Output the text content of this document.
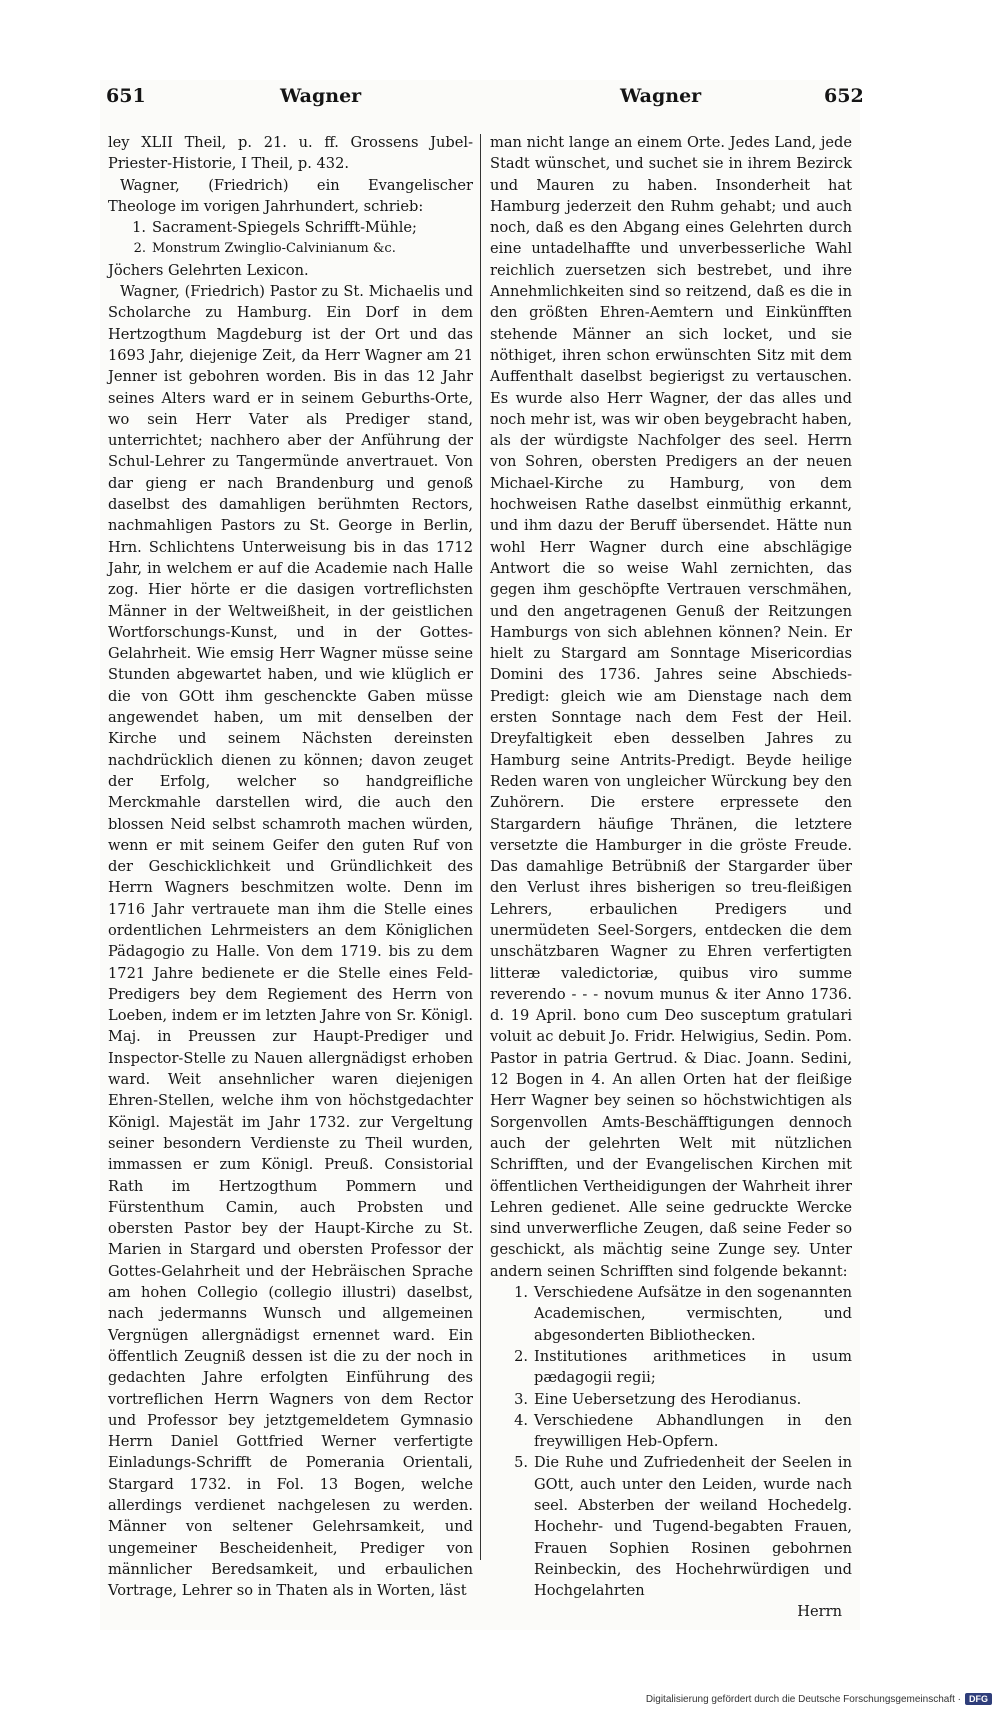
651	Wagner	Wagner	652

ley XLII Theil, p. 21. u. ff. Grossens Jubel-Priester-Historie, I Theil, p. 432.

Wagner, (Friedrich) ein Evangelischer Theologe im vorigen Jahrhundert, schrieb:

1. Sacrament-Spiegels Schrifft-Mühle;
2. Monstrum Zwinglio-Calvinianum &c.

Jöchers Gelehrten Lexicon.

Wagner, (Friedrich) Pastor zu St. Michaelis und Scholarche zu Hamburg. Ein Dorf in dem Hertzogthum Magdeburg ist der Ort und das 1693 Jahr, diejenige Zeit, da Herr Wagner am 21 Jenner ist gebohren worden. Bis in das 12 Jahr seines Alters ward er in seinem Geburths-Orte, wo sein Herr Vater als Prediger stand, unterrichtet; nachhero aber der Anführung der Schul-Lehrer zu Tangermünde anvertrauet. Von dar gieng er nach Brandenburg und genoß daselbst des damahligen berühmten Rectors, nachmahligen Pastors zu St. George in Berlin, Hrn. Schlichtens Unterweisung bis in das 1712 Jahr, in welchem er auf die Academie nach Halle zog. Hier hörte er die dasigen vortreflichsten Männer in der Weltweißheit, in der geistlichen Wortforschungs-Kunst, und in der Gottes-Gelahrheit. Wie emsig Herr Wagner müsse seine Stunden abgewartet haben, und wie klüglich er die von GOtt ihm geschenckte Gaben müsse angewendet haben, um mit denselben der Kirche und seinem Nächsten dereinsten nachdrücklich dienen zu können; davon zeuget der Erfolg, welcher so handgreifliche Merckmahle darstellen wird, die auch den blossen Neid selbst schamroth machen würden, wenn er mit seinem Geifer den guten Ruf von der Geschicklichkeit und Gründlichkeit des Herrn Wagners beschmitzen wolte. Denn im 1716 Jahr vertrauete man ihm die Stelle eines ordentlichen Lehrmeisters an dem Königlichen Pädagogio zu Halle. Von dem 1719. bis zu dem 1721 Jahre bedienete er die Stelle eines Feld-Predigers bey dem Regiement des Herrn von Loeben, indem er im letzten Jahre von Sr. Königl. Maj. in Preussen zur Haupt-Prediger und Inspector-Stelle zu Nauen allergnädigst erhoben ward. Weit ansehnlicher waren diejenigen Ehren-Stellen, welche ihm von höchstgedachter Königl. Majestät im Jahr 1732. zur Vergeltung seiner besondern Verdienste zu Theil wurden, immassen er zum Königl. Preuß. Consistorial Rath im Hertzogthum Pommern und Fürstenthum Camin, auch Probsten und obersten Pastor bey der Haupt-Kirche zu St. Marien in Stargard und obersten Professor der Gottes-Gelahrheit und der Hebräischen Sprache am hohen Collegio (collegio illustri) daselbst, nach jedermanns Wunsch und allgemeinen Vergnügen allergnädigst ernennet ward. Ein öffentlich Zeugniß dessen ist die zu der noch in gedachten Jahre erfolgten Einführung des vortreflichen Herrn Wagners von dem Rector und Professor bey jetztgemeldetem Gymnasio Herrn Daniel Gottfried Werner verfertigte Einladungs-Schrifft de Pomerania Orientali, Stargard 1732. in Fol. 13 Bogen, welche allerdings verdienet nachgelesen zu werden. Männer von seltener Gelehrsamkeit, und ungemeiner Bescheidenheit, Prediger von männlicher Beredsamkeit, und erbaulichen Vortrage, Lehrer so in Thaten als in Worten, läst

man nicht lange an einem Orte. Jedes Land, jede Stadt wünschet, und suchet sie in ihrem Bezirck und Mauren zu haben. Insonderheit hat Hamburg jederzeit den Ruhm gehabt; und auch noch, daß es den Abgang eines Gelehrten durch eine untadelhaffte und unverbesserliche Wahl reichlich zuersetzen sich bestrebet, und ihre Annehmlichkeiten sind so reitzend, daß es die in den größten Ehren-Aemtern und Einkünfften stehende Männer an sich locket, und sie nöthiget, ihren schon erwünschten Sitz mit dem Auffenthalt daselbst begierigst zu vertauschen. Es wurde also Herr Wagner, der das alles und noch mehr ist, was wir oben beygebracht haben, als der würdigste Nachfolger des seel. Herrn von Sohren, obersten Predigers an der neuen Michael-Kirche zu Hamburg, von dem hochweisen Rathe daselbst einmüthig erkannt, und ihm dazu der Beruff übersendet. Hätte nun wohl Herr Wagner durch eine abschlägige Antwort die so weise Wahl zernichten, das gegen ihm geschöpfte Vertrauen verschmähen, und den angetragenen Genuß der Reitzungen Hamburgs von sich ablehnen können? Nein. Er hielt zu Stargard am Sonntage Misericordias Domini des 1736. Jahres seine Abschieds-Predigt: gleich wie am Dienstage nach dem ersten Sonntage nach dem Fest der Heil. Dreyfaltigkeit eben desselben Jahres zu Hamburg seine Antrits-Predigt. Beyde heilige Reden waren von ungleicher Würckung bey den Zuhörern. Die erstere erpressete den Stargardern häufige Thränen, die letztere versetzte die Hamburger in die gröste Freude. Das damahlige Betrübniß der Stargarder über den Verlust ihres bisherigen so treu-fleißigen Lehrers, erbaulichen Predigers und unermüdeten Seel-Sorgers, entdecken die dem unschätzbaren Wagner zu Ehren verfertigten litteræ valedictoriæ, quibus viro summe reverendo - - - novum munus & iter Anno 1736. d. 19 April. bono cum Deo susceptum gratulari voluit ac debuit Jo. Fridr. Helwigius, Sedin. Pom. Pastor in patria Gertrud. & Diac. Joann. Sedini, 12 Bogen in 4. An allen Orten hat der fleißige Herr Wagner bey seinen so höchstwichtigen als Sorgenvollen Amts-Beschäfftigungen dennoch auch der gelehrten Welt mit nützlichen Schrifften, und der Evangelischen Kirchen mit öffentlichen Vertheidigungen der Wahrheit ihrer Lehren gedienet. Alle seine gedruckte Wercke sind unverwerfliche Zeugen, daß seine Feder so geschickt, als mächtig seine Zunge sey. Unter andern seinen Schrifften sind folgende bekannt:

1. Verschiedene Aufsätze in den sogenannten Academischen, vermischten, und abgesonderten Bibliothecken.
2. Institutiones arithmetices in usum pædagogii regii;
3. Eine Uebersetzung des Herodianus.
4. Verschiedene Abhandlungen in den freywilligen Heb-Opfern.
5. Die Ruhe und Zufriedenheit der Seelen in GOtt, auch unter den Leiden, wurde nach seel. Absterben der weiland Hochedelg. Hochehr- und Tugend-begabten Frauen, Frauen Sophien Rosinen gebohrnen Reinbeckin, des Hochehrwürdigen und Hochgelahrten
Herrn
Digitalisierung gefördert durch die Deutsche Forschungsgemeinschaft · DFG
